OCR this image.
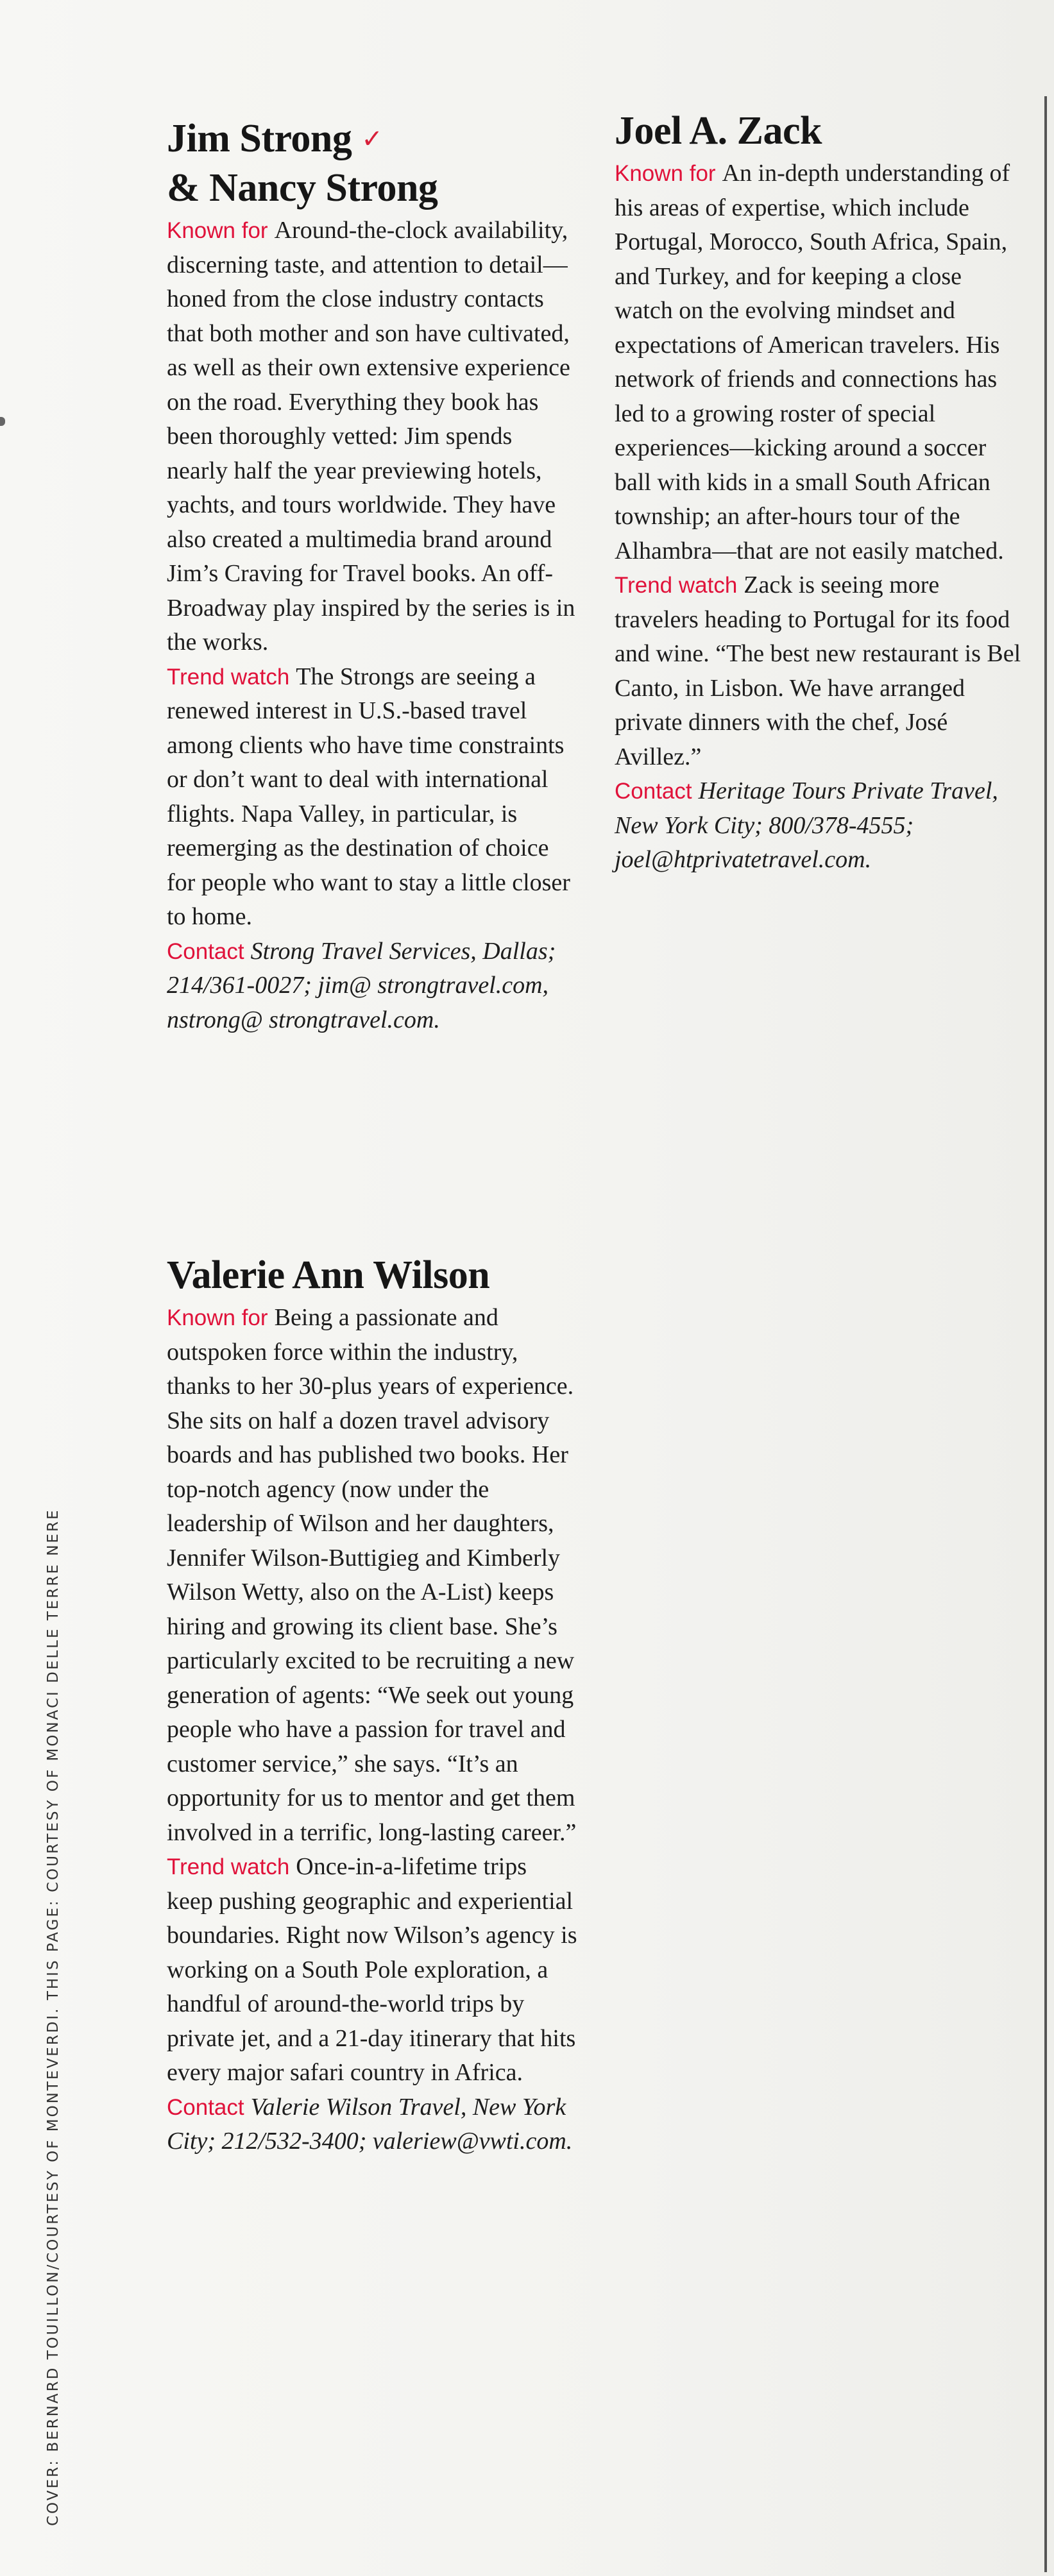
Jim Strong ✓
& Nancy Strong

Known for Around-the-clock availability, discerning taste, and attention to detail—honed from the close industry contacts that both mother and son have cultivated, as well as their own extensive experience on the road. Everything they book has been thoroughly vetted: Jim spends nearly half the year previewing hotels, yachts, and tours worldwide. They have also created a multimedia brand around Jim’s Craving for Travel books. An off-Broadway play inspired by the series is in the works.

Trend watch The Strongs are seeing a renewed interest in U.S.-based travel among clients who have time constraints or don’t want to deal with international flights. Napa Valley, in particular, is reemerging as the destination of choice for people who want to stay a little closer to home.

Contact Strong Travel Services, Dallas; 214/361-0027; jim@ strongtravel.com, nstrong@ strongtravel.com.

Valerie Ann Wilson

Known for Being a passionate and outspoken force within the industry, thanks to her 30-plus years of experience. She sits on half a dozen travel advisory boards and has published two books. Her top-notch agency (now under the leadership of Wilson and her daughters, Jennifer Wilson-Buttigieg and Kimberly Wilson Wetty, also on the A-List) keeps hiring and growing its client base. She’s particularly excited to be recruiting a new generation of agents: “We seek out young people who have a passion for travel and customer service,” she says. “It’s an opportunity for us to mentor and get them involved in a terrific, long-lasting career.”

Trend watch Once-in-a-lifetime trips keep pushing geographic and experiential boundaries. Right now Wilson’s agency is working on a South Pole exploration, a handful of around-the-world trips by private jet, and a 21-day itinerary that hits every major safari country in Africa.

Contact Valerie Wilson Travel, New York City; 212/532-3400; valeriew@vwti.com.

Joel A. Zack

Known for An in-depth understanding of his areas of expertise, which include Portugal, Morocco, South Africa, Spain, and Turkey, and for keeping a close watch on the evolving mindset and expectations of American travelers. His network of friends and connections has led to a growing roster of special experiences—kicking around a soccer ball with kids in a small South African township; an after-hours tour of the Alhambra—that are not easily matched.

Trend watch Zack is seeing more travelers heading to Portugal for its food and wine. “The best new restaurant is Bel Canto, in Lisbon. We have arranged private dinners with the chef, José Avillez.”

Contact Heritage Tours Private Travel, New York City; 800/378-4555; joel@htprivatetravel.com.

COVER: BERNARD TOUILLON/COURTESY OF MONTEVERDI. THIS PAGE: COURTESY OF MONACI DELLE TERRE NERE
